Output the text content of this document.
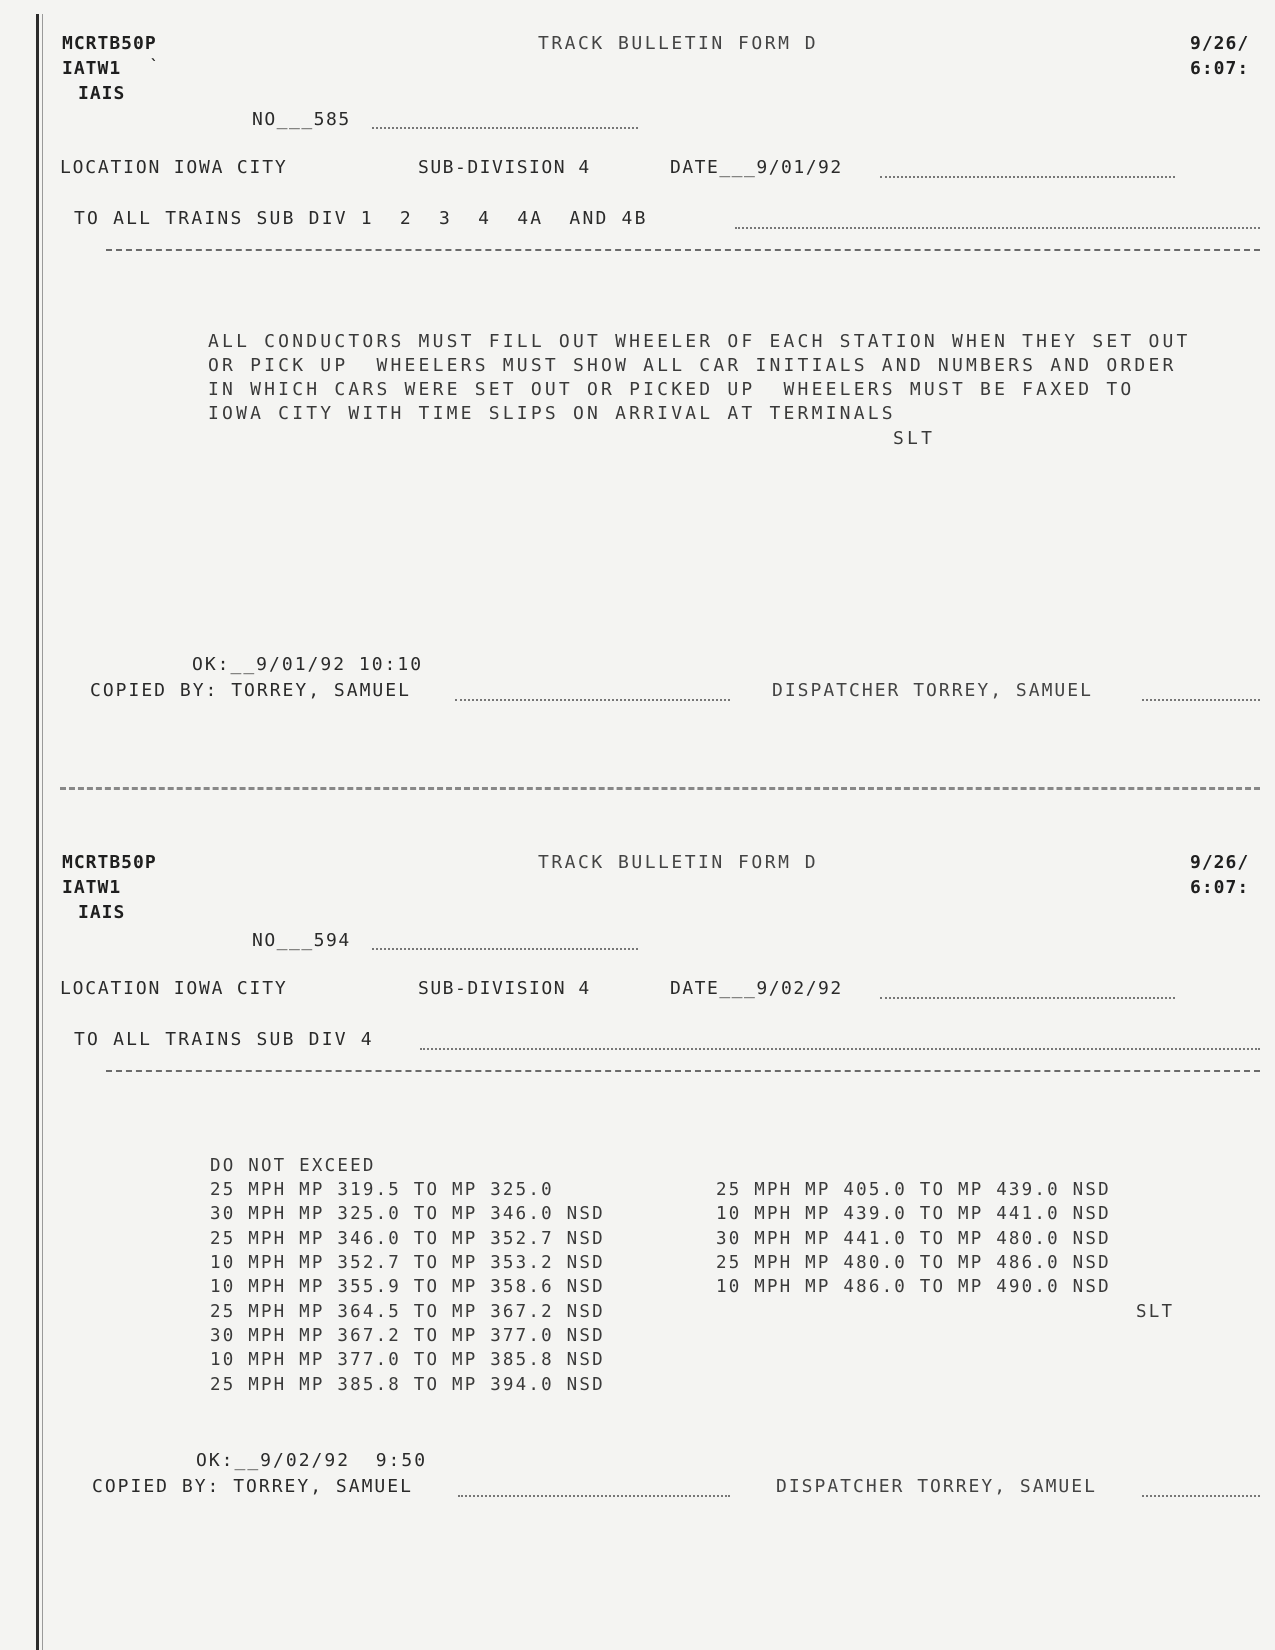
MCRTB50P
IATW1 `
IAIS
TRACK BULLETIN FORM D	9/26/
6:07:
NO___585
LOCATION IOWA CITY	SUB-DIVISION 4	DATE___9/01/92
TO ALL TRAINS SUB DIV 1  2  3  4  4A  AND 4B
ALL CONDUCTORS MUST FILL OUT WHEELER OF EACH STATION WHEN THEY SET OUT
OR PICK UP  WHEELERS MUST SHOW ALL CAR INITIALS AND NUMBERS AND ORDER
IN WHICH CARS WERE SET OUT OR PICKED UP  WHEELERS MUST BE FAXED TO
IOWA CITY WITH TIME SLIPS ON ARRIVAL AT TERMINALS
SLT
OK:__9/01/92 10:10
COPIED BY: TORREY, SAMUEL	DISPATCHER TORREY, SAMUEL
MCRTB50P
IATW1
IAIS
TRACK BULLETIN FORM D	9/26/
6:07:
NO___594
LOCATION IOWA CITY	SUB-DIVISION 4	DATE___9/02/92
TO ALL TRAINS SUB DIV 4
DO NOT EXCEED
25 MPH MP 319.5 TO MP 325.0
30 MPH MP 325.0 TO MP 346.0 NSD
25 MPH MP 346.0 TO MP 352.7 NSD
10 MPH MP 352.7 TO MP 353.2 NSD
10 MPH MP 355.9 TO MP 358.6 NSD
25 MPH MP 364.5 TO MP 367.2 NSD
30 MPH MP 367.2 TO MP 377.0 NSD
10 MPH MP 377.0 TO MP 385.8 NSD
25 MPH MP 385.8 TO MP 394.0 NSD
25 MPH MP 405.0 TO MP 439.0 NSD
10 MPH MP 439.0 TO MP 441.0 NSD
30 MPH MP 441.0 TO MP 480.0 NSD
25 MPH MP 480.0 TO MP 486.0 NSD
10 MPH MP 486.0 TO MP 490.0 NSD
SLT
OK:__9/02/92  9:50
COPIED BY: TORREY, SAMUEL	DISPATCHER TORREY, SAMUEL
